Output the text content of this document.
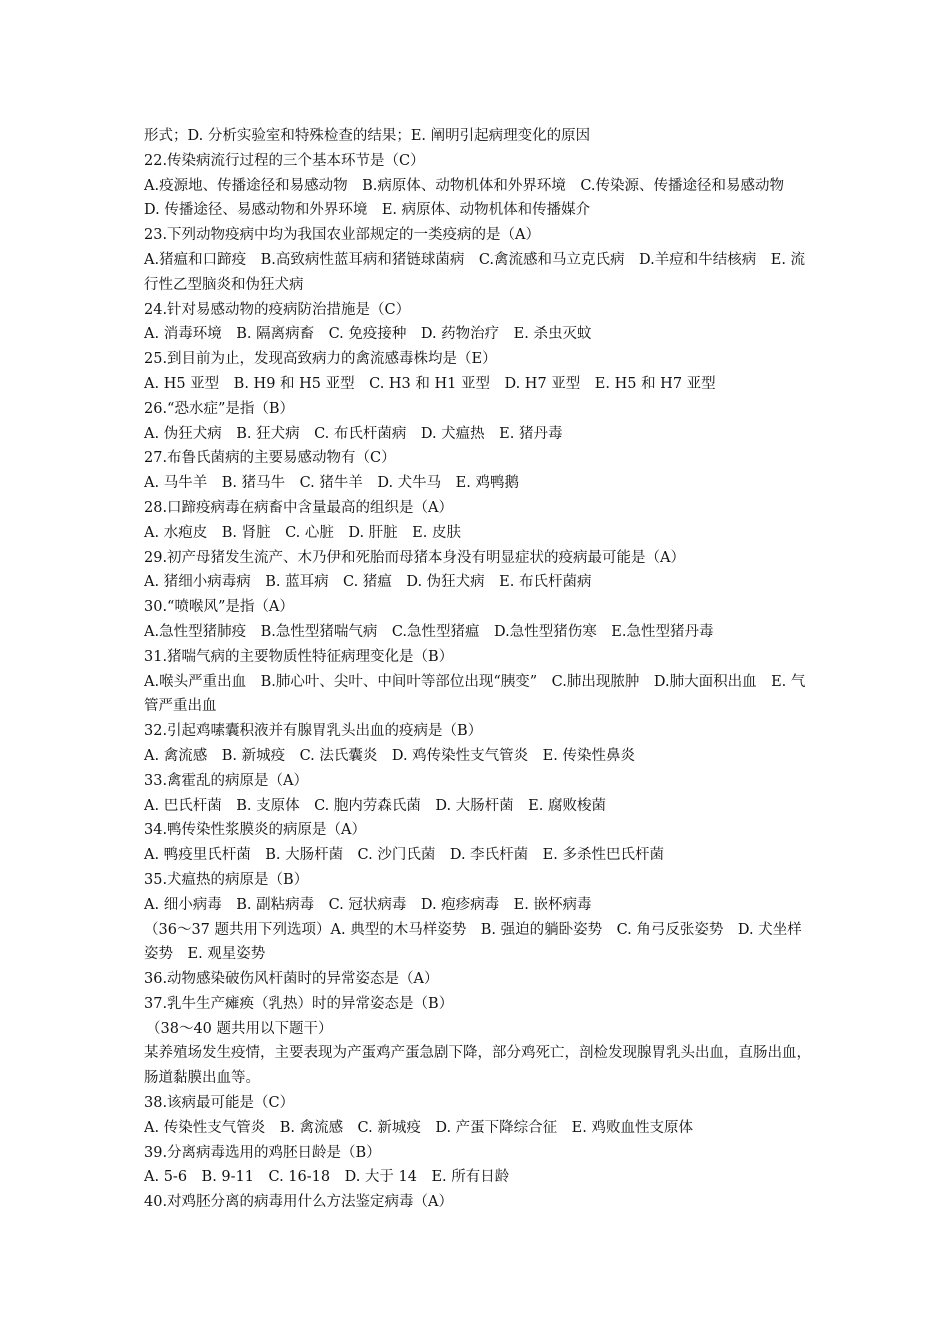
形式；D. 分析实验室和特殊检查的结果；E. 阐明引起病理变化的原因
22.传染病流行过程的三个基本环节是（C）
A.疫源地、传播途径和易感动物　B.病原体、动物机体和外界环境　C.传染源、传播途径和易感动物　D. 传播途径、易感动物和外界环境　E. 病原体、动物机体和传播媒介
23.下列动物疫病中均为我国农业部规定的一类疫病的是（A）
A.猪瘟和口蹄疫　B.高致病性蓝耳病和猪链球菌病　C.禽流感和马立克氏病　D.羊痘和牛结核病　E. 流行性乙型脑炎和伪狂犬病
24.针对易感动物的疫病防治措施是（C）
A. 消毒环境　B. 隔离病畜　C. 免疫接种　D. 药物治疗　E. 杀虫灭蚊
25.到目前为止，发现高致病力的禽流感毒株均是（E）
A. H5 亚型　B. H9 和 H5 亚型　C. H3 和 H1 亚型　D. H7 亚型　E. H5 和 H7 亚型
26.“恐水症”是指（B）
A. 伪狂犬病　B. 狂犬病　C. 布氏杆菌病　D. 犬瘟热　E. 猪丹毒
27.布鲁氏菌病的主要易感动物有（C）
A. 马牛羊　B. 猪马牛　C. 猪牛羊　D. 犬牛马　E. 鸡鸭鹅
28.口蹄疫病毒在病畜中含量最高的组织是（A）
A. 水疱皮　B. 肾脏　C. 心脏　D. 肝脏　E. 皮肤
29.初产母猪发生流产、木乃伊和死胎而母猪本身没有明显症状的疫病最可能是（A）
A. 猪细小病毒病　B. 蓝耳病　C. 猪瘟　D. 伪狂犬病　E. 布氏杆菌病
30.“喷喉风”是指（A）
A.急性型猪肺疫　B.急性型猪喘气病　C.急性型猪瘟　D.急性型猪伤寒　E.急性型猪丹毒
31.猪喘气病的主要物质性特征病理变化是（B）
A.喉头严重出血　B.肺心叶、尖叶、中间叶等部位出现“胰变”　C.肺出现脓肿　D.肺大面积出血　E. 气管严重出血
32.引起鸡嗉囊积液并有腺胃乳头出血的疫病是（B）
A. 禽流感　B. 新城疫　C. 法氏囊炎　D. 鸡传染性支气管炎　E. 传染性鼻炎
33.禽霍乱的病原是（A）
A. 巴氏杆菌　B. 支原体　C. 胞内劳森氏菌　D. 大肠杆菌　E. 腐败梭菌
34.鸭传染性浆膜炎的病原是（A）
A. 鸭疫里氏杆菌　B. 大肠杆菌　C. 沙门氏菌　D. 李氏杆菌　E. 多杀性巴氏杆菌
35.犬瘟热的病原是（B）
A. 细小病毒　B. 副粘病毒　C. 冠状病毒　D. 疱疹病毒　E. 嵌杯病毒
（36～37 题共用下列选项）A. 典型的木马样姿势　B. 强迫的躺卧姿势　C. 角弓反张姿势　D. 犬坐样姿势　E. 观星姿势
36.动物感染破伤风杆菌时的异常姿态是（A）
37.乳牛生产瘫痪（乳热）时的异常姿态是（B）
（38～40 题共用以下题干）
某养殖场发生疫情，主要表现为产蛋鸡产蛋急剧下降，部分鸡死亡，剖检发现腺胃乳头出血，直肠出血，肠道黏膜出血等。
38.该病最可能是（C）
A. 传染性支气管炎　B. 禽流感　C. 新城疫　D. 产蛋下降综合征　E. 鸡败血性支原体
39.分离病毒选用的鸡胚日龄是（B）
A. 5-6　B. 9-11　C. 16-18　D. 大于 14　E. 所有日龄
40.对鸡胚分离的病毒用什么方法鉴定病毒（A）
